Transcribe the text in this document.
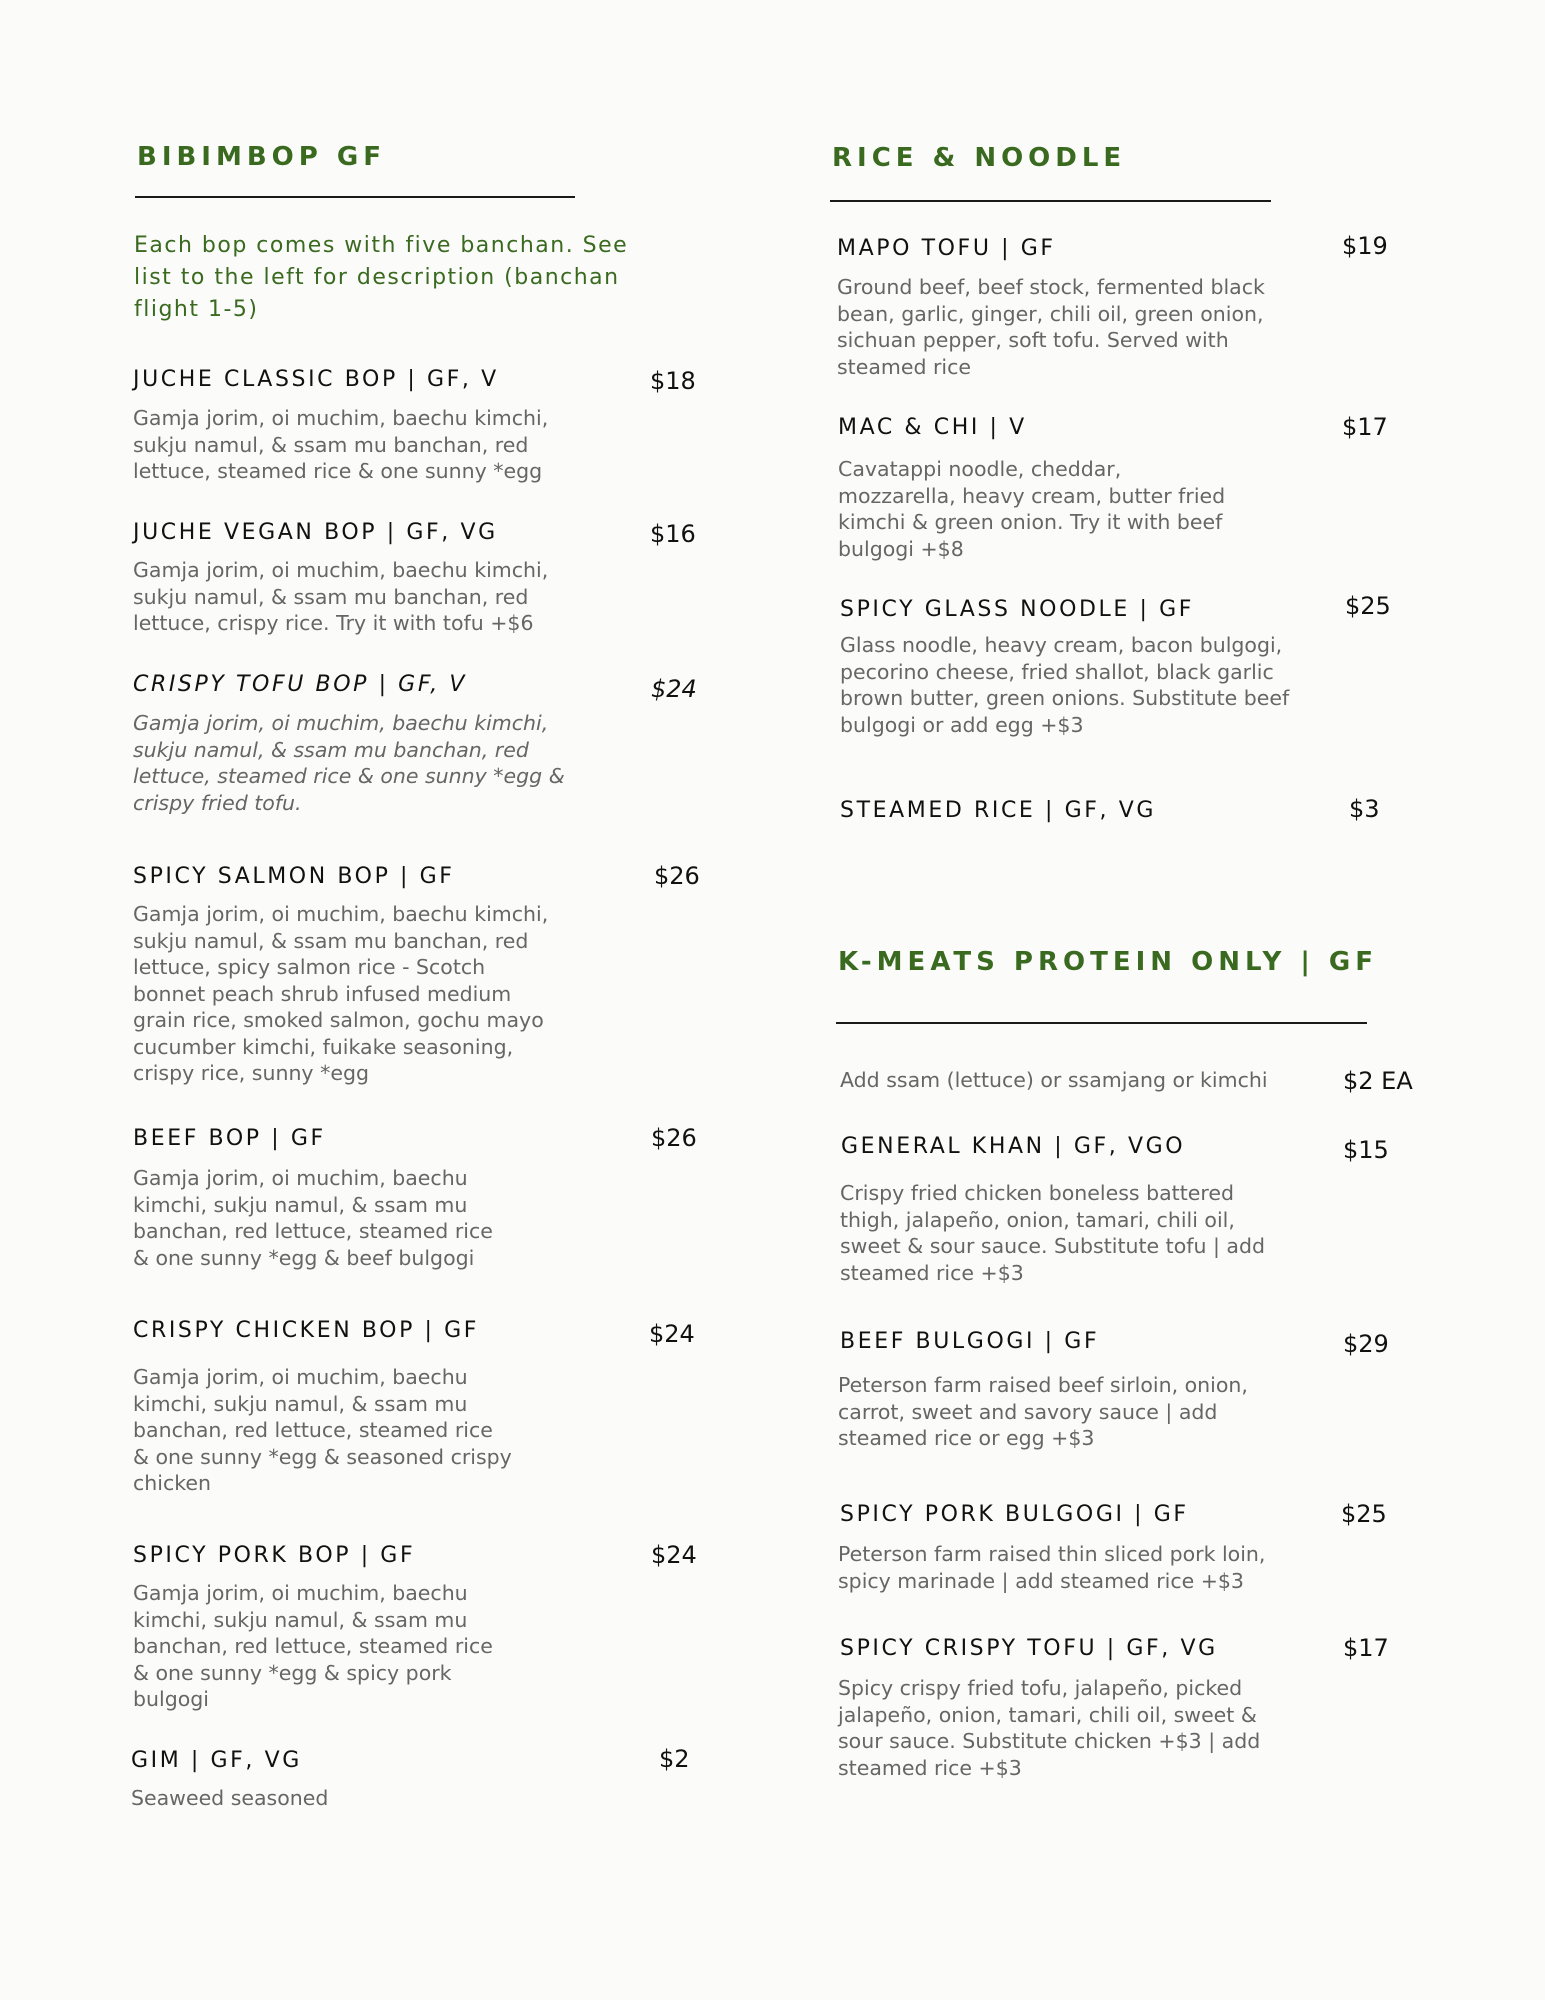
BIBIMBOP GF
Each bop comes with five banchan. See list to the left for description (banchan flight 1-5)
JUCHE CLASSIC BOP | GF, V	$18
Gamja jorim, oi muchim, baechu kimchi, sukju namul, & ssam mu banchan, red lettuce, steamed rice & one sunny *egg
JUCHE VEGAN BOP | GF, VG	$16
Gamja jorim, oi muchim, baechu kimchi, sukju namul, & ssam mu banchan, red lettuce, crispy rice. Try it with tofu +$6
CRISPY TOFU BOP | GF, V	$24
Gamja jorim, oi muchim, baechu kimchi, sukju namul, & ssam mu banchan, red lettuce, steamed rice & one sunny *egg & crispy fried tofu.
SPICY SALMON BOP | GF	$26
Gamja jorim, oi muchim, baechu kimchi, sukju namul, & ssam mu banchan, red lettuce, spicy salmon rice - Scotch bonnet peach shrub infused medium grain rice, smoked salmon, gochu mayo cucumber kimchi, fuikake seasoning, crispy rice, sunny *egg
BEEF BOP | GF	$26
Gamja jorim, oi muchim, baechu kimchi, sukju namul, & ssam mu banchan, red lettuce, steamed rice & one sunny *egg & beef bulgogi
CRISPY CHICKEN BOP | GF	$24
Gamja jorim, oi muchim, baechu kimchi, sukju namul, & ssam mu banchan, red lettuce, steamed rice & one sunny *egg & seasoned crispy chicken
SPICY PORK BOP | GF	$24
Gamja jorim, oi muchim, baechu kimchi, sukju namul, & ssam mu banchan, red lettuce, steamed rice & one sunny *egg & spicy pork bulgogi
GIM | GF, VG	$2
Seaweed seasoned
RICE & NOODLE
MAPO TOFU | GF	$19
Ground beef, beef stock, fermented black bean, garlic, ginger, chili oil, green onion, sichuan pepper, soft tofu. Served with steamed rice
MAC & CHI | V	$17
Cavatappi noodle, cheddar, mozzarella, heavy cream, butter fried kimchi & green onion. Try it with beef bulgogi +$8
SPICY GLASS NOODLE | GF	$25
Glass noodle, heavy cream, bacon bulgogi, pecorino cheese, fried shallot, black garlic brown butter, green onions. Substitute beef bulgogi or add egg +$3
STEAMED RICE | GF, VG	$3
K-MEATS PROTEIN ONLY | GF
Add ssam (lettuce) or ssamjang or kimchi	$2 EA
GENERAL KHAN | GF, VGO	$15
Crispy fried chicken boneless battered thigh, jalapeño, onion, tamari, chili oil, sweet & sour sauce. Substitute tofu | add steamed rice +$3
BEEF BULGOGI | GF	$29
Peterson farm raised beef sirloin, onion, carrot, sweet and savory sauce | add steamed rice or egg +$3
SPICY PORK BULGOGI | GF	$25
Peterson farm raised thin sliced pork loin, spicy marinade | add steamed rice +$3
SPICY CRISPY TOFU | GF, VG	$17
Spicy crispy fried tofu, jalapeño, picked jalapeño, onion, tamari, chili oil, sweet & sour sauce. Substitute chicken +$3 | add steamed rice +$3
